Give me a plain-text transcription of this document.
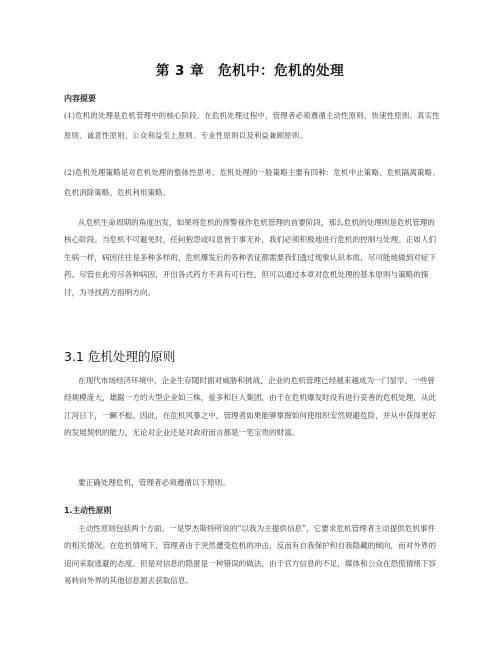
第 3 章　危机中：危机的处理
内容提要

(1)危机的处理是危机管理中的核心阶段，在危机处理过程中，管理者必须遵循主动性原则、快速性原则、真实性原则、诚意性原则、公众利益至上原则、专业性原则以及利益兼顾原则。

(2)危机处理策略是对危机处理的整体性思考。危机处理的一般策略主要有四种：危机中止策略、危机隔离策略、危机消除策略、危机利用策略。

从危机生命周期的角度出发，如果将危机的预警视作危机管理的首要阶段，那么危机的处理则是危机管理的核心阶段。当危机不可避免时，任何抱怨或叹息皆于事无补，我们必须积极地进行危机的控制与处理。正如人们生病一样，病因往往是多种多样的，危机爆发后的各种表征都需要我们透过现象认识本质，尽可能地做到对症下药。尽管在此穷尽各种病因，开出各式药方不具有可行性，但可以通过本章对危机处理的基本原则与策略的探讨，为寻找药方指明方向。

3.1 危机处理的原则

在现代市场经济环境中，企业生存随时面对威胁和挑战，企业的危机管理已经越来越成为一门显学。一些曾经规模庞大，雄踞一方的大型企业如三株，爱多和巨人集团，由于在危机爆发时没有进行妥善的危机处理，从此江河日下，一蹶不振。因此，在危机风暴之中，管理者如果能够掌握如何使组织安然规避危险，并从中获得更好的发展契机的能力，无论对企业还是对政府而言都是一笔宝贵的财富。

要正确处理危机，管理者必须遵循以下原则。

1.主动性原则

主动性原则包括两个方面。一是罗杰斯特所说的“以我为主提供信息”，它要求危机管理者主动提供危机事件的相关情况。在危机情境下，管理者由于突然遭受危机的冲击，反而有自我保护和自我隐藏的倾向，而对外界的追问采取逃避的态度。但是对信息的隐匿是一种错误的做法。由于官方信息的不足，媒体和公众在恐慌情绪下容易转向外界的其他信息源去获取信息。
